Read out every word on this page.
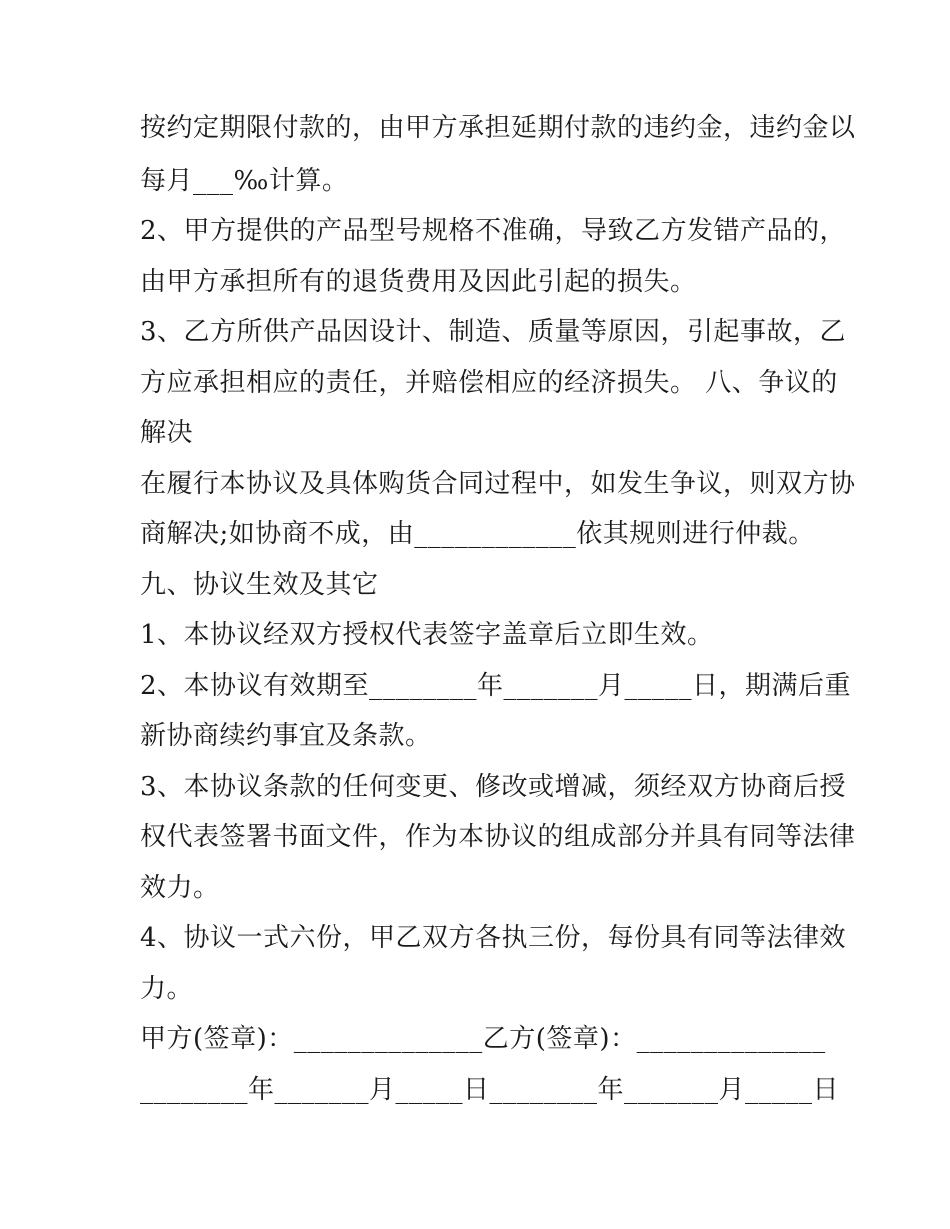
按约定期限付款的，由甲方承担延期付款的违约金，违约金以
每月___‰计算。
2、甲方提供的产品型号规格不准确，导致乙方发错产品的，
由甲方承担所有的退货费用及因此引起的损失。
3、乙方所供产品因设计、制造、质量等原因，引起事故，乙
方应承担相应的责任，并赔偿相应的经济损失。 八、争议的
解决
在履行本协议及具体购货合同过程中，如发生争议，则双方协
商解决;如协商不成，由____________依其规则进行仲裁。
九、协议生效及其它
1、本协议经双方授权代表签字盖章后立即生效。
2、本协议有效期至________年_______月_____日，期满后重
新协商续约事宜及条款。
3、本协议条款的任何变更、修改或增减，须经双方协商后授
权代表签署书面文件，作为本协议的组成部分并具有同等法律
效力。
4、协议一式六份，甲乙双方各执三份，每份具有同等法律效
力。
甲方(签章)：______________乙方(签章)：______________
________年_______月_____日________年_______月_____日
